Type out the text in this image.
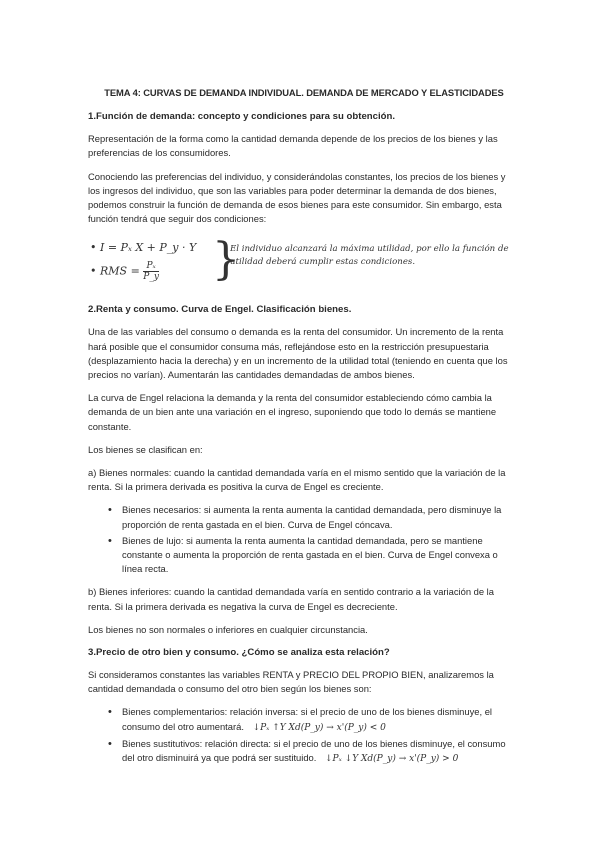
TEMA 4: CURVAS DE DEMANDA INDIVIDUAL. DEMANDA DE MERCADO Y ELASTICIDADES
1.Función de demanda: concepto y condiciones para su obtención.

Representación de la forma como la cantidad demanda depende de los precios de los bienes y las preferencias de los consumidores.

Conociendo las preferencias del individuo, y considerándolas constantes, los precios de los bienes y los ingresos del individuo, que son las variables para poder determinar la demanda de dos bienes, podemos construir la función de demanda de esos bienes para este consumidor. Sin embargo, esta función tendrá que seguir dos condiciones:

• I = Pₓ X + P_y · Y
• RMS = $\frac{\text{Pₓ}}{P\_y}$ }
El individuo alcanzará la máxima utilidad, por ello la función de utilidad deberá cumplir estas condiciones.
2.Renta y consumo. Curva de Engel. Clasificación bienes.

Una de las variables del consumo o demanda es la renta del consumidor. Un incremento de la renta hará posible que el consumidor consuma más, reflejándose esto en la restricción presupuestaria (desplazamiento hacia la derecha) y en un incremento de la utilidad total (teniendo en cuenta que los precios no varían). Aumentarán las cantidades demandadas de ambos bienes.

La curva de Engel relaciona la demanda y la renta del consumidor estableciendo cómo cambia la demanda de un bien ante una variación en el ingreso, suponiendo que todo lo demás se mantiene constante.

Los bienes se clasifican en:

a) Bienes normales: cuando la cantidad demandada varía en el mismo sentido que la variación de la renta. Si la primera derivada es positiva la curva de Engel es creciente.

• Bienes necesarios: si aumenta la renta aumenta la cantidad demandada, pero disminuye la proporción de renta gastada en el bien. Curva de Engel cóncava.
• Bienes de lujo: si aumenta la renta aumenta la cantidad demandada, pero se mantiene constante o aumenta la proporción de renta gastada en el bien. Curva de Engel convexa o línea recta.

b) Bienes inferiores: cuando la cantidad demandada varía en sentido contrario a la variación de la renta. Si la primera derivada es negativa la curva de Engel es decreciente.

Los bienes no son normales o inferiores en cualquier circunstancia.

3.Precio de otro bien y consumo. ¿Cómo se analiza esta relación?

Si consideramos constantes las variables RENTA y PRECIO DEL PROPIO BIEN, analizaremos la cantidad demandada o consumo del otro bien según los bienes son:

• Bienes complementarios: relación inversa: si el precio de uno de los bienes disminuye, el consumo del otro aumentará. ↓Pₓ ↑Y Xd(P_y) → x'(P_y) < 0
• Bienes sustitutivos: relación directa: si el precio de uno de los bienes disminuye, el consumo del otro disminuirá ya que podrá ser sustituido. ↓Pₓ ↓Y Xd(P_y) → x'(P_y) > 0
